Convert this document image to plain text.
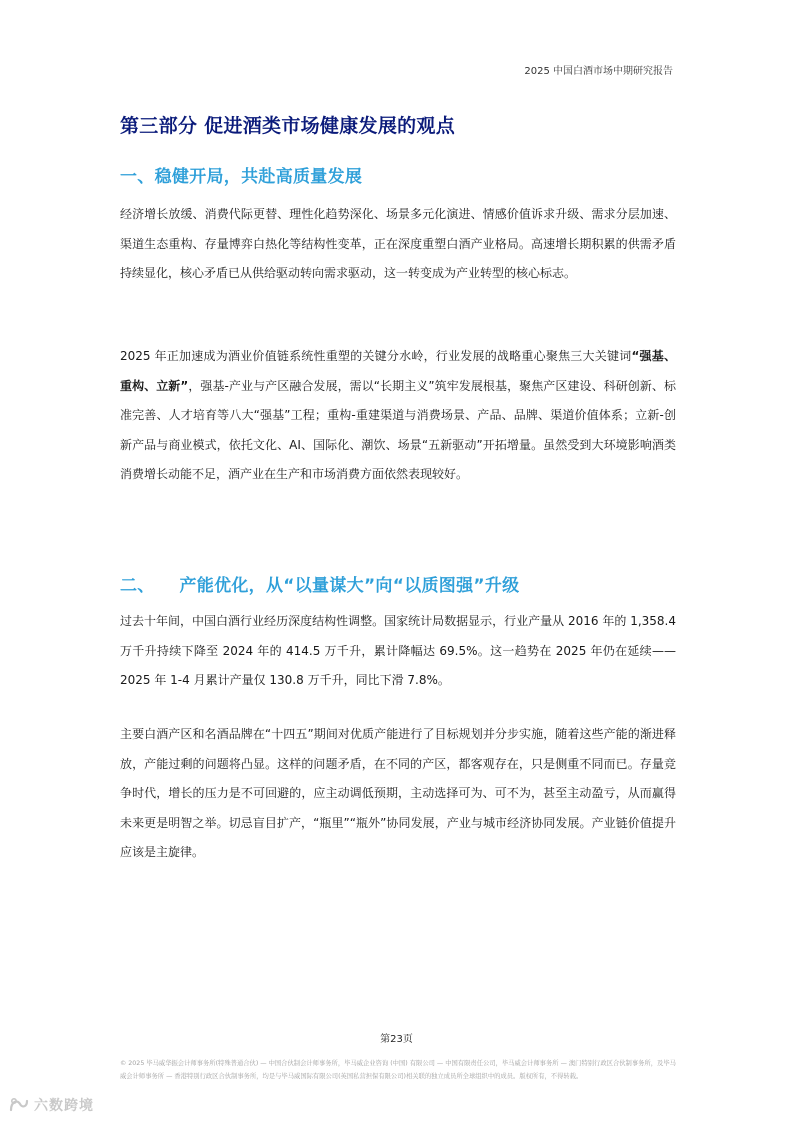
2025 中国白酒市场中期研究报告
第三部分 促进酒类市场健康发展的观点
一、稳健开局，共赴高质量发展

经济增长放缓、消费代际更替、理性化趋势深化、场景多元化演进、情感价值诉求升级、需求分层加速、渠道生态重构、存量博弈白热化等结构性变革，正在深度重塑白酒产业格局。高速增长期积累的供需矛盾持续显化，核心矛盾已从供给驱动转向需求驱动，这一转变成为产业转型的核心标志。

2025 年正加速成为酒业价值链系统性重塑的关键分水岭，行业发展的战略重心聚焦三大关键词“强基、重构、立新”，强基-产业与产区融合发展，需以“长期主义”筑牢发展根基，聚焦产区建设、科研创新、标准完善、人才培育等八大“强基”工程；重构-重建渠道与消费场景、产品、品牌、渠道价值体系；立新-创新产品与商业模式，依托文化、AI、国际化、潮饮、场景“五新驱动”开拓增量。虽然受到大环境影响酒类消费增长动能不足，酒产业在生产和市场消费方面依然表现较好。

二、    产能优化，从“以量谋大”向“以质图强”升级

过去十年间，中国白酒行业经历深度结构性调整。国家统计局数据显示，行业产量从 2016 年的 1,358.4 万千升持续下降至 2024 年的 414.5 万千升，累计降幅达 69.5%。这一趋势在 2025 年仍在延续——2025 年 1-4 月累计产量仅 130.8 万千升，同比下滑 7.8%。

主要白酒产区和名酒品牌在“十四五”期间对优质产能进行了目标规划并分步实施，随着这些产能的渐进释放，产能过剩的问题将凸显。这样的问题矛盾，在不同的产区，都客观存在，只是侧重不同而已。存量竞争时代，增长的压力是不可回避的，应主动调低预期，主动选择可为、可不为，甚至主动盈亏，从而赢得未来更是明智之举。切忌盲目扩产，“瓶里”“瓶外”协同发展，产业与城市经济协同发展。产业链价值提升应该是主旋律。

第23页
© 2025 毕马威华振会计师事务所(特殊普通合伙) — 中国合伙制会计师事务所，毕马威企业咨询 (中国) 有限公司 — 中国有限责任公司，毕马威会计师事务所 — 澳门特别行政区合伙制事务所，及毕马威会计师事务所 — 香港特别行政区合伙制事务所，均是与毕马威国际有限公司(英国私营担保有限公司)相关联的独立成员所全球组织中的成员。版权所有，不得转载。
六数跨境
